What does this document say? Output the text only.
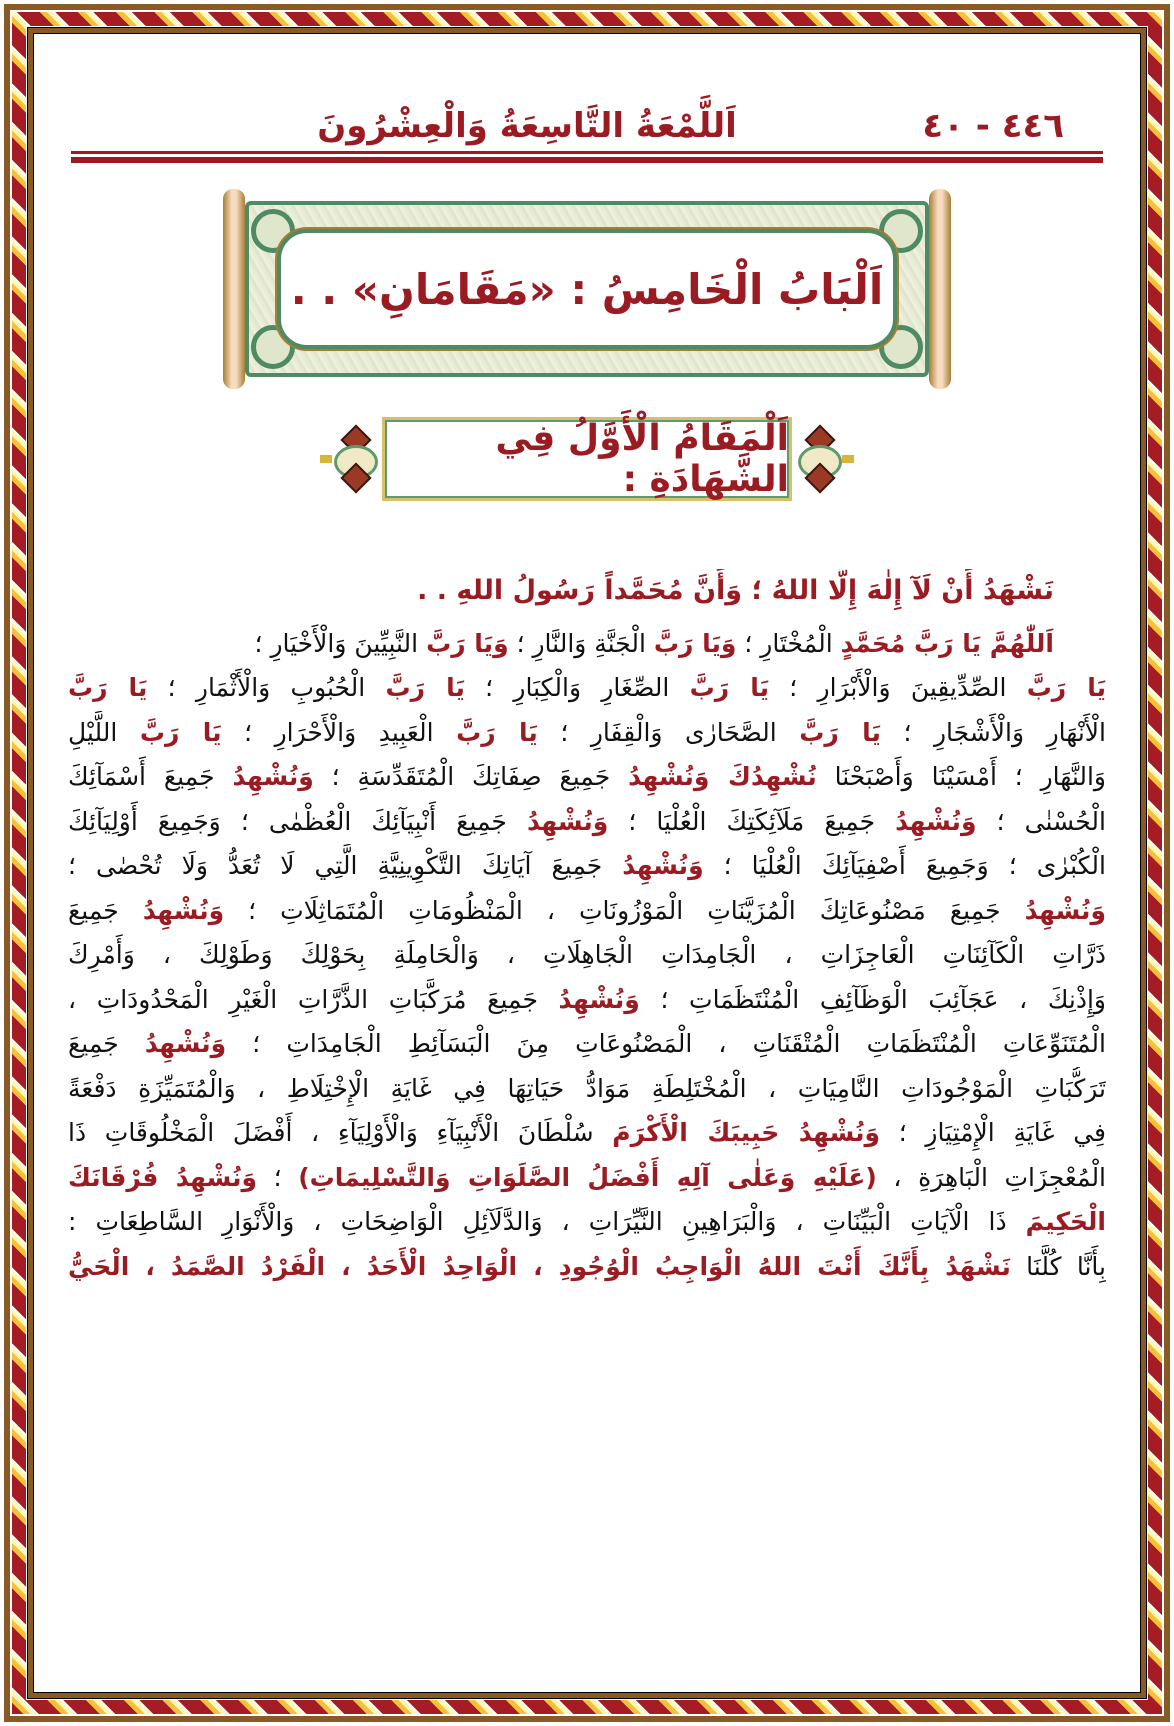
٤٤٦ - ٤٠
اَللَّمْعَةُ التَّاسِعَةُ وَالْعِشْرُونَ
اَلْبَابُ الْخَامِسُ : «مَقَامَانِ» . .
اَلْمَقَامُ الْأَوَّلُ فِي الشَّهَادَةِ :
نَشْهَدُ أَنْ لَآ إِلٰهَ إِلَّا اللهُ ؛ وَأَنَّ مُحَمَّداً رَسُولُ اللهِ . .
اَللّٰهُمَّ يَا رَبَّ مُحَمَّدٍ الْمُخْتَارِ ؛ وَيَا رَبَّ الْجَنَّةِ وَالنَّارِ ؛ وَيَا رَبَّ النَّبِيِّينَ وَالْأَخْيَارِ ؛
يَا رَبَّ الصِّدِّيقِينَ وَالْأَبْرَارِ ؛ يَا رَبَّ الصِّغَارِ وَالْكِبَارِ ؛ يَا رَبَّ الْحُبُوبِ وَالْأَثْمَارِ ؛ يَا رَبَّ
الْأَنْهَارِ وَالْأَشْجَارِ ؛ يَا رَبَّ الصَّحَارٰى وَالْقِفَارِ ؛ يَا رَبَّ الْعَبِيدِ وَالْأَحْرَارِ ؛ يَا رَبَّ اللَّيْلِ
وَالنَّهَارِ ؛ أَمْسَيْنَا وَأَصْبَحْنَا نُشْهِدُكَ وَنُشْهِدُ جَمِيعَ صِفَاتِكَ الْمُتَقَدِّسَةِ ؛ وَنُشْهِدُ جَمِيعَ أَسْمَآئِكَ
الْحُسْنٰى ؛ وَنُشْهِدُ جَمِيعَ مَلَآئِكَتِكَ الْعُلْيَا ؛ وَنُشْهِدُ جَمِيعَ أَنْبِيَآئِكَ الْعُظْمٰى ؛ وَجَمِيعَ أَوْلِيَآئِكَ
الْكُبْرٰى ؛ وَجَمِيعَ أَصْفِيَآئِكَ الْعُلْيَا ؛ وَنُشْهِدُ جَمِيعَ آيَاتِكَ التَّكْوِينِيَّةِ الَّتِي لَا تُعَدُّ وَلَا تُحْصٰى ؛
وَنُشْهِدُ جَمِيعَ مَصْنُوعَاتِكَ الْمُزَيَّنَاتِ الْمَوْزُونَاتِ ، الْمَنْظُومَاتِ الْمُتَمَاثِلَاتِ ؛ وَنُشْهِدُ جَمِيعَ
ذَرَّاتِ الْكَآئِنَاتِ الْعَاجِزَاتِ ، الْجَامِدَاتِ الْجَاهِلَاتِ ، وَالْحَامِلَةِ بِحَوْلِكَ وَطَوْلِكَ ، وَأَمْرِكَ
وَإِذْنِكَ ، عَجَآئِبَ الْوَظَآئِفِ الْمُنْتَظَمَاتِ ؛ وَنُشْهِدُ جَمِيعَ مُرَكَّبَاتِ الذَّرَّاتِ الْغَيْرِ الْمَحْدُودَاتِ ،
الْمُتَنَوِّعَاتِ الْمُنْتَظَمَاتِ الْمُتْقَنَاتِ ، الْمَصْنُوعَاتِ مِنَ الْبَسَآئِطِ الْجَامِدَاتِ ؛ وَنُشْهِدُ جَمِيعَ
تَرَكُّبَاتِ الْمَوْجُودَاتِ النَّامِيَاتِ ، الْمُخْتَلِطَةِ مَوَادُّ حَيَاتِهَا فِي غَايَةِ الْإِخْتِلَاطِ ، وَالْمُتَمَيِّزَةِ دَفْعَةً
فِي غَايَةِ الْإِمْتِيَازِ ؛ وَنُشْهِدُ حَبِيبَكَ الْأَكْرَمَ سُلْطَانَ الْأَنْبِيَآءِ وَالْأَوْلِيَآءِ ، أَفْضَلَ الْمَخْلُوقَاتِ ذَا
الْمُعْجِزَاتِ الْبَاهِرَةِ ، (عَلَيْهِ وَعَلٰى آلِهِ أَفْضَلُ الصَّلَوَاتِ وَالتَّسْلِيمَاتِ) ؛ وَنُشْهِدُ فُرْقَانَكَ
الْحَكِيمَ ذَا الْآيَاتِ الْبَيِّنَاتِ ، وَالْبَرَاهِينِ النَّيِّرَاتِ ، وَالدَّلَآئِلِ الْوَاضِحَاتِ ، وَالْأَنْوَارِ السَّاطِعَاتِ :
بِأَنَّا كُلَّنَا نَشْهَدُ بِأَنَّكَ أَنْتَ اللهُ الْوَاجِبُ الْوُجُودِ ، الْوَاحِدُ الْأَحَدُ ، الْفَرْدُ الصَّمَدُ ، الْحَيُّ
